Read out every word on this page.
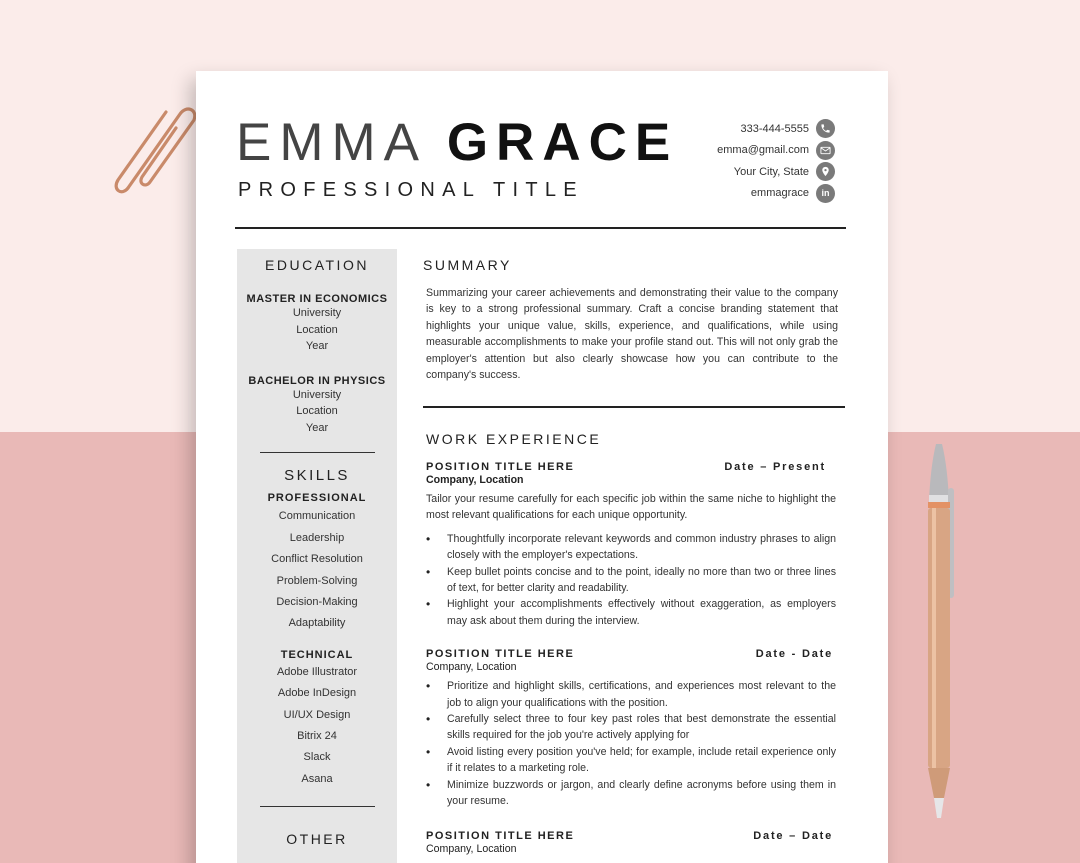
EMMA GRACE
PROFESSIONAL TITLE
333-444-5555
emma@gmail.com
Your City, State
emmagrace in
EDUCATION
MASTER IN ECONOMICS
University
Location
Year
BACHELOR IN PHYSICS
University
Location
Year
SKILLS
PROFESSIONAL
Communication
Leadership
Conflict Resolution
Problem-Solving
Decision-Making
Adaptability
TECHNICAL
Adobe Illustrator
Adobe InDesign
UI/UX Design
Bitrix 24
Slack
Asana
OTHER
SUMMARY

Summarizing your career achievements and demonstrating their value to the company is key to a strong professional summary. Craft a concise branding statement that highlights your unique value, skills, experience, and qualifications, while using measurable accomplishments to make your profile stand out. This will not only grab the employer's attention but also clearly showcase how you can contribute to the company's success.

WORK EXPERIENCE
POSITION TITLE HERE	Date – Present
Company, Location

Tailor your resume carefully for each specific job within the same niche to highlight the most relevant qualifications for each unique opportunity.

• Thoughtfully incorporate relevant keywords and common industry phrases to align closely with the employer's expectations.
• Keep bullet points concise and to the point, ideally no more than two or three lines of text, for better clarity and readability.
• Highlight your accomplishments effectively without exaggeration, as employers may ask about them during the interview.
POSITION TITLE HERE	Date - Date
Company, Location
• Prioritize and highlight skills, certifications, and experiences most relevant to the job to align your qualifications with the position.
• Carefully select three to four key past roles that best demonstrate the essential skills required for the job you're actively applying for
• Avoid listing every position you've held; for example, include retail experience only if it relates to a marketing role.
• Minimize buzzwords or jargon, and clearly define acronyms before using them in your resume.
POSITION TITLE HERE	Date – Date
Company, Location
